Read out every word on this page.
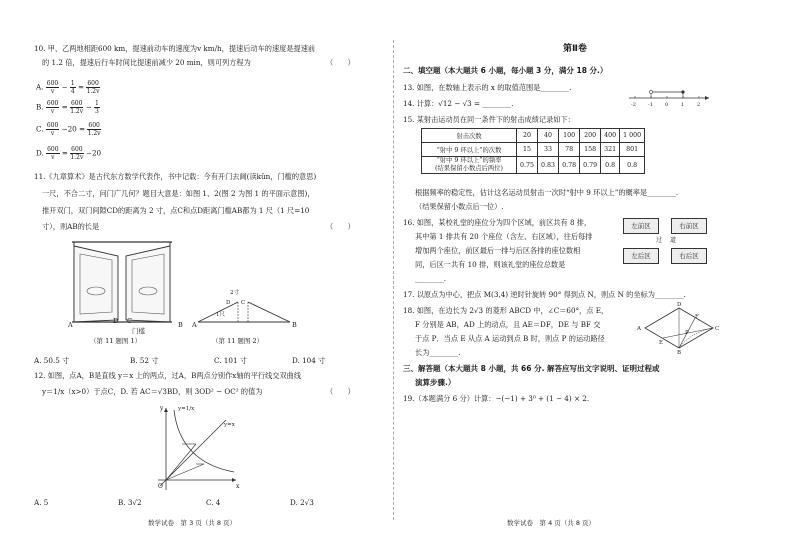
10. 甲、乙两地相距600 km，提速前动车的速度为v km/h，提速后动车的速度是提速前
的 1.2 倍，提速后行车时间比提速前减少 20 min，则可列方程为	（　　）
A. $\frac{600}{v} - \frac{1}{4} = \frac{600}{1.2v}$
B. $\frac{600}{v} = \frac{600}{1.2v} - \frac{1}{3}$
C. $\frac{600}{v} -20 = \frac{600}{1.2v}$
D. $\frac{600}{v} = \frac{600}{1.2v} -20$
11.《九章算术》是古代东方数学代表作，书中记载：今有开门去阃(读kǔn，门槛的意思)
一尺，不合二寸，问门广几何？题目大意是：如图 1、2(图 2 为图 1 的平面示意图)，
推开双门，双门间隙CD的距离为 2 寸，点C和点D距离门槛AB都为 1 尺（1 尺=10
寸），则AB的长是	（　　）
A	D C	B
门槛
（第 11 题图 1）
2寸
D C
1尺
A	B
（第 11 题图 2）
A. 50.5 寸	B. 52 寸	C. 101 寸	D. 104 寸
12. 如图，点A，B是直线 y＝x 上的两点，过A，B两点分别作x轴的平行线交双曲线
y＝1/x（x>0）于点C，D. 若 AC＝√3BD，则 3OD² − OC² 的值为	（　　）
y
x
O
y=1/x
y=x
A. 5	B. 3√2	C. 4	D. 2√3
数学试卷　第 3 页（共 8 页）
第Ⅱ卷
二、填空题（本大题共 6 小题，每小题 3 分，满分 18 分.）
13. 如图，在数轴上表示的 x 的取值范围是________.
-2 -1 0	1	2
14. 计算：√12 − √3 = ________.
15. 某射击运动员在同一条件下的射击成绩记录如下：
射击次数	20	40	100	200	400	1 000
“射中 9 环以上”的次数	15	33	78	158	321	801

“射中 9 环以上”的频率
(结果保留小数点后两位)	0.75	0.83	0.78	0.79	0.8	0.8
根据频率的稳定性，估计这名运动员射击一次时“射中 9 环以上”的概率是________.
（结果保留小数点后一位）.
16. 如图，某校礼堂的座位分为四个区域，前区共有 8 排，
其中第 1 排共有 20 个座位（含左、右区域），往后每排
增加两个座位，前区最后一排与后区各排的座位数相
同，后区一共有 10 排，则该礼堂的座位总数是
________.
左前区	右前区
左后区	右后区
过 道
17. 以原点为中心，把点 M(3,4) 逆时针旋转 90° 得到点 N，则点 N 的坐标为________.
18. 如图，在边长为 2√3 的菱形 ABCD 中，∠C＝60°，点 E，
F 分别是 AB，AD 上的动点，且 AE＝DF，DE 与 BF 交
于点 P．当点 E 从点 A 运动到点 B 时，则点 P 的运动路径
长为________.
A
D
C
B
F
E
P
三、解答题（本大题共 8 小题，共 66 分. 解答应写出文字说明、证明过程或
演算步骤.）
19.（本题满分 6 分）计算：−(−1) + 3⁰ + (1 − 4) × 2.
数学试卷　第 4 页（共 8 页）
